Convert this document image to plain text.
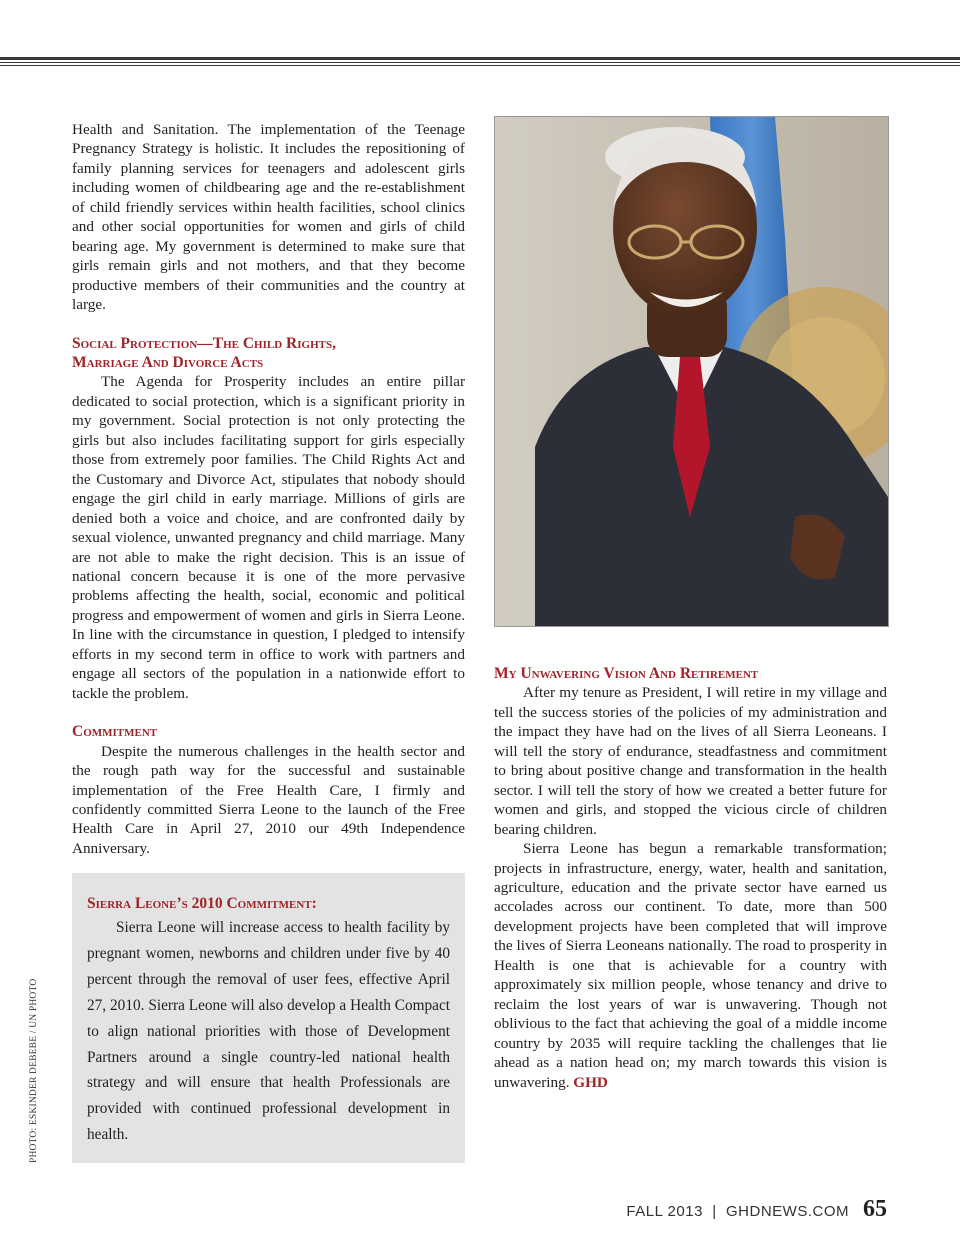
Health and Sanitation. The implementation of the Teenage Pregnancy Strategy is holistic. It includes the repositioning of family planning services for teenagers and adolescent girls including women of childbearing age and the re-establishment of child friendly services within health facilities, school clinics and other social opportunities for women and girls of child bearing age. My government is determined to make sure that girls remain girls and not mothers, and that they become productive members of their communities and the country at large.

Social Protection—The Child Rights,

Marriage And Divorce Acts

The Agenda for Prosperity includes an entire pillar dedicated to social protection, which is a significant priority in my government. Social protection is not only protecting the girls but also includes facilitating support for girls especially those from extremely poor families. The Child Rights Act and the Customary and Divorce Act, stipulates that nobody should engage the girl child in early marriage. Millions of girls are denied both a voice and choice, and are confronted daily by sexual violence, unwanted pregnancy and child marriage. Many are not able to make the right decision. This is an issue of national concern because it is one of the more pervasive problems affecting the health, social, economic and political progress and empowerment of women and girls in Sierra Leone. In line with the circumstance in question, I pledged to intensify efforts in my second term in office to work with partners and engage all sectors of the population in a nationwide effort to tackle the problem.

Commitment

Despite the numerous challenges in the health sector and the rough path way for the successful and sustainable implementation of the Free Health Care, I firmly and confidently committed Sierra Leone to the launch of the Free Health Care in April 27, 2010 our 49th Independence Anniversary.

Sierra Leone’s 2010 Commitment:

Sierra Leone will increase access to health facility by pregnant women, newborns and children under five by 40 percent through the removal of user fees, effective April 27, 2010. Sierra Leone will also develop a Health Compact to align national priorities with those of Development Partners around a single country-led national health strategy and will ensure that health Professionals are provided with continued professional development in health.

My Unwavering Vision And Retirement

After my tenure as President, I will retire in my village and tell the success stories of the policies of my administration and the impact they have had on the lives of all Sierra Leoneans. I will tell the story of endurance, steadfastness and commitment to bring about positive change and transformation in the health sector. I will tell the story of how we created a better future for women and girls, and stopped the vicious circle of children bearing children.

Sierra Leone has begun a remarkable transformation; projects in infrastructure, energy, water, health and sanitation, agriculture, education and the private sector have earned us accolades across our continent. To date, more than 500 development projects have been completed that will improve the lives of Sierra Leoneans nationally. The road to prosperity in Health is one that is achievable for a country with approximately six million people, whose tenancy and drive to reclaim the lost years of war is unwavering. Though not oblivious to the fact that achieving the goal of a middle income country by 2035 will require tackling the challenges that lie ahead as a nation head on; my march towards this vision is unwavering. GHD

PHOTO: ESKINDER DEBEBE / UN PHOTO
FALL 2013  |  GHDNEWS.COM 65
